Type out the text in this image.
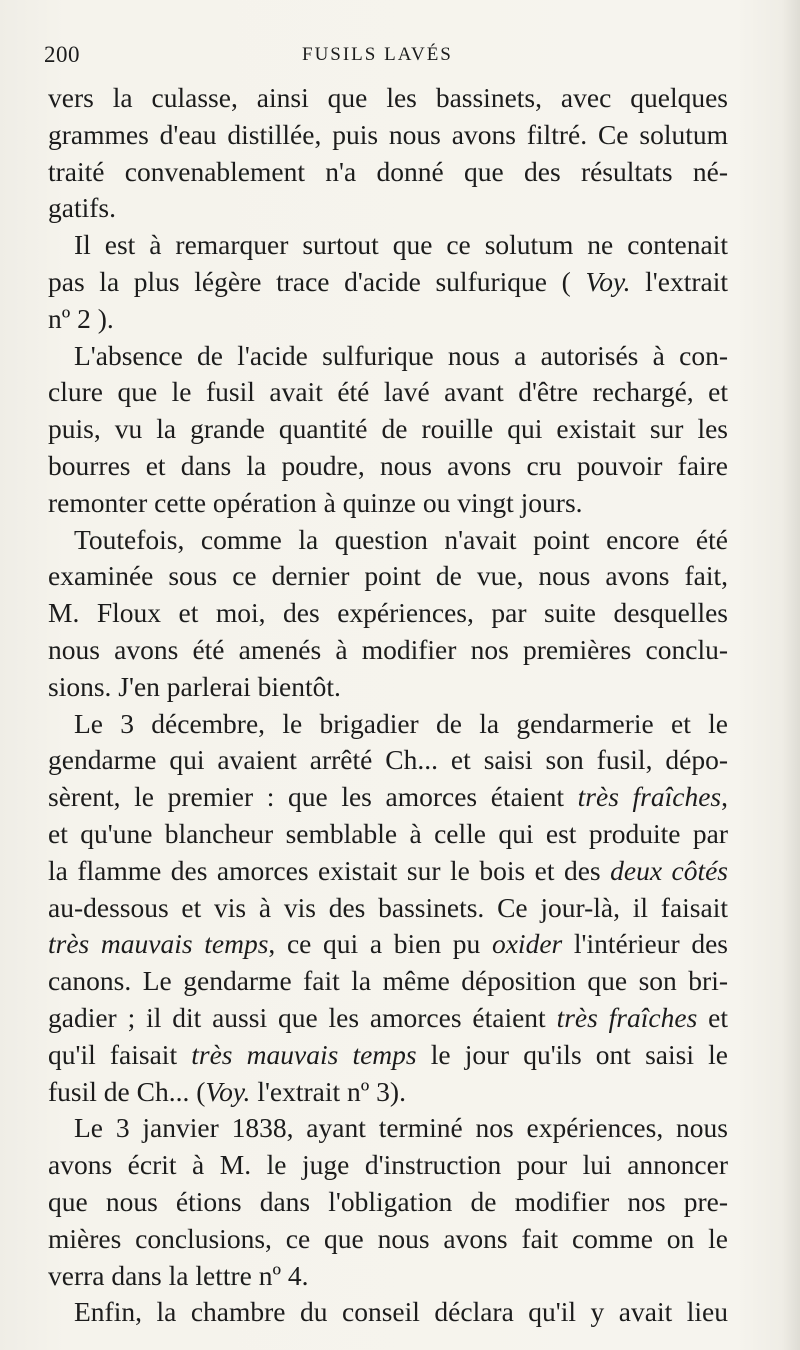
200	FUSILS LAVÉS
vers la culasse, ainsi que les bassinets, avec quelques
grammes d'eau distillée, puis nous avons filtré. Ce solutum
traité convenablement n'a donné que des résultats né-
gatifs.
Il est à remarquer surtout que ce solutum ne contenait
pas la plus légère trace d'acide sulfurique ( Voy. l'extrait
nº 2 ).
L'absence de l'acide sulfurique nous a autorisés à con-
clure que le fusil avait été lavé avant d'être rechargé, et
puis, vu la grande quantité de rouille qui existait sur les
bourres et dans la poudre, nous avons cru pouvoir faire
remonter cette opération à quinze ou vingt jours.
Toutefois, comme la question n'avait point encore été
examinée sous ce dernier point de vue, nous avons fait,
M. Floux et moi, des expériences, par suite desquelles
nous avons été amenés à modifier nos premières conclu-
sions. J'en parlerai bientôt.
Le 3 décembre, le brigadier de la gendarmerie et le
gendarme qui avaient arrêté Ch... et saisi son fusil, dépo-
sèrent, le premier : que les amorces étaient très fraîches,
et qu'une blancheur semblable à celle qui est produite par
la flamme des amorces existait sur le bois et des deux côtés
au-dessous et vis à vis des bassinets. Ce jour-là, il faisait
très mauvais temps, ce qui a bien pu oxider l'intérieur des
canons. Le gendarme fait la même déposition que son bri-
gadier ; il dit aussi que les amorces étaient très fraîches et
qu'il faisait très mauvais temps le jour qu'ils ont saisi le
fusil de Ch... (Voy. l'extrait nº 3).
Le 3 janvier 1838, ayant terminé nos expériences, nous
avons écrit à M. le juge d'instruction pour lui annoncer
que nous étions dans l'obligation de modifier nos pre-
mières conclusions, ce que nous avons fait comme on le
verra dans la lettre nº 4.
Enfin, la chambre du conseil déclara qu'il y avait lieu
